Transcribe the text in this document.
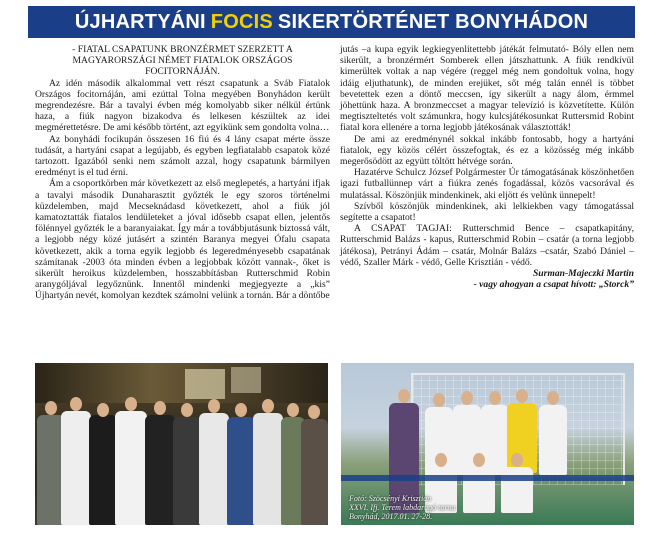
ÚJHARTYÁNI FOCIS SIKERTÖRTÉNET BONYHÁDON

- FIATAL CSAPATUNK BRONZÉRMET SZERZETT A MAGYARORSZÁGI NÉMET FIATALOK ORSZÁGOS FOCITORNÁJÁN.

Az idén második alkalommal vett részt csapatunk a Sváb Fiatalok Országos focitornáján, ami ezúttal Tolna megyében Bonyhádon került megrendezésre. Bár a tavalyi évben még komolyabb siker nélkül értünk haza, a fiúk nagyon bizakodva és lelkesen készültek az idei megmérettetésre. De ami később történt, azt egyikünk sem gondolta volna…

Az bonyhádi focikupán összesen 16 fiú és 4 lány csapat mérte össze tudását, a hartyáni csapat a legújabb, és egyben legfiatalabb csapatok közé tartozott. Igazából senki nem számolt azzal, hogy csapatunk bármilyen eredményt is el tud érni.

Ám a csoportkörben már következett az első meglepetés, a hartyáni ifjak a tavalyi második Dunaharasztit győzték le egy szoros történelmi küzdelemben, majd Mecseknádasd következett, ahol a fiúk jól kamatoztatták fiatalos lendületeket a jóval idősebb csapat ellen, jelentős fölénnyel győzték le a baranyaiakat. Így már a továbbjutásunk biztossá vált, a legjobb négy közé jutásért a szintén Baranya megyei Ófalu csapata következett, akik a torna egyik legjobb és legeredményesebb csapatának számítanak -2003 óta minden évben a legjobbak között vannak-, őket is sikerült heroikus küzdelemben, hosszabbításban Rutterschmid Robin aranygóljával legyőznünk. Innentől mindenki megjegyezte a „kis” Újhartyán nevét, komolyan kezdtek számolni velünk a tornán. Bár a döntőbe

jutás –a kupa egyik legkiegyenlítettebb játékát felmutató- Bóly ellen nem sikerült, a bronzérmért Somberek ellen játszhattunk. A fiúk rendkívül kimerültek voltak a nap végére (reggel még nem gondoltuk volna, hogy idáig eljuthatunk), de minden erejüket, sőt még talán ennél is többet bevetettek ezen a döntő meccsen, így sikerült a nagy álom, érmmel jöhettünk haza. A bronzmeccset a magyar televízió is közvetítette. Külön megtiszteltetés volt számunkra, hogy kulcsjátékosunkat Ruttersmid Robint fiatal kora ellenére a torna legjobb játékosának választották!

De ami az eredménynél sokkal inkább fontosabb, hogy a hartyáni fiatalok, egy közös célért összefogtak, és ez a közösség még inkább megerősödött az együtt töltött hétvége során.

Hazatérve Schulcz József Polgármester Úr támogatásának köszönhetően igazi futballünnep várt a fiúkra zenés fogadással, közös vacsorával és mulatással. Köszönjük mindenkinek, aki eljött és velünk ünnepelt!

Szívből köszönjük mindenkinek, aki lelkiekben vagy támogatással segítette a csapatot!

A CSAPAT TAGJAI: Rutterschmid Bence – csapatkapitány, Rutterschmid Balázs - kapus, Rutterschmid Robin – csatár (a torna legjobb játékosa), Petrányi Ádám – csatár, Molnár Balázs –csatár, Szabó Dániel – védő, Szaller Márk - védő, Gelle Krisztián - védő.

Surman-Majeczki Martin

- vagy ahogyan a csapat hívott: „Storck”

Fotó: Szöcsényi Krisztián
XXVI. Ifj. Terem labdarúgó torna
Bonyhád, 2017.01. 27-28.
